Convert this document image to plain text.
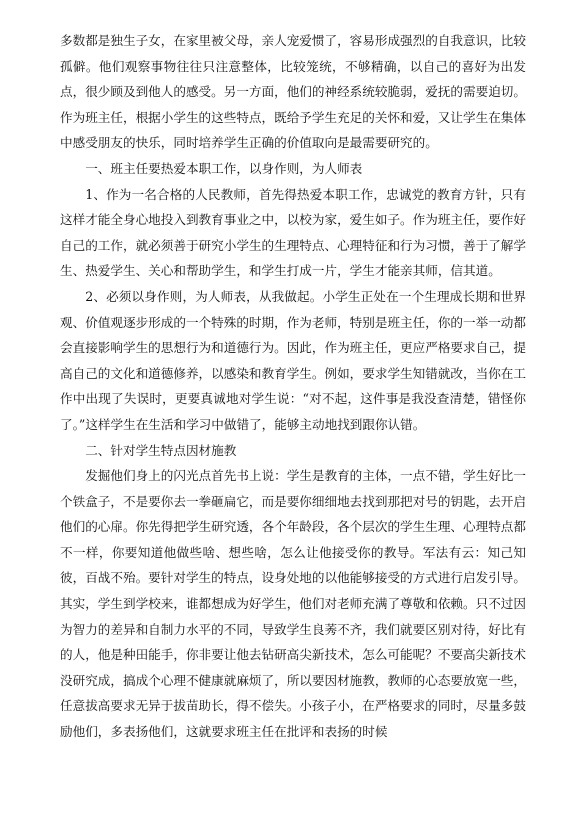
多数都是独生子女，在家里被父母，亲人宠爱惯了，容易形成强烈的自我意识，比较孤僻。他们观察事物往往只注意整体，比较笼统，不够精确，以自己的喜好为出发点，很少顾及到他人的感受。另一方面，他们的神经系统较脆弱，爱抚的需要迫切。作为班主任，根据小学生的这些特点，既给予学生充足的关怀和爱，又让学生在集体中感受朋友的快乐，同时培养学生正确的价值取向是最需要研究的。

一、班主任要热爱本职工作，以身作则，为人师表

1、作为一名合格的人民教师，首先得热爱本职工作，忠诚党的教育方针，只有这样才能全身心地投入到教育事业之中，以校为家，爱生如子。作为班主任，要作好自己的工作，就必须善于研究小学生的生理特点、心理特征和行为习惯，善于了解学生、热爱学生、关心和帮助学生，和学生打成一片，学生才能亲其师，信其道。

2、必须以身作则，为人师表，从我做起。小学生正处在一个生理成长期和世界观、价值观逐步形成的一个特殊的时期，作为老师，特别是班主任，你的一举一动都会直接影响学生的思想行为和道德行为。因此，作为班主任，更应严格要求自己，提高自己的文化和道德修养，以感染和教育学生。例如，要求学生知错就改，当你在工作中出现了失误时，更要真诚地对学生说：“对不起，这件事是我没查清楚，错怪你了。”这样学生在生活和学习中做错了，能够主动地找到跟你认错。

二、针对学生特点因材施教

发掘他们身上的闪光点首先书上说：学生是教育的主体，一点不错，学生好比一个铁盒子，不是要你去一拳砸扁它，而是要你细细地去找到那把对号的钥匙，去开启他们的心扉。你先得把学生研究透，各个年龄段，各个层次的学生生理、心理特点都不一样，你要知道他做些啥、想些啥，怎么让他接受你的教导。军法有云：知己知彼，百战不殆。要针对学生的特点，设身处地的以他能够接受的方式进行启发引导。其实，学生到学校来，谁都想成为好学生，他们对老师充满了尊敬和依赖。只不过因为智力的差异和自制力水平的不同，导致学生良莠不齐，我们就要区别对待，好比有的人，他是种田能手，你非要让他去钻研高尖新技术，怎么可能呢？不要高尖新技术没研究成，搞成个心理不健康就麻烦了，所以要因材施教，教师的心态要放宽一些，任意拔高要求无异于拔苗助长，得不偿失。小孩子小，在严格要求的同时，尽量多鼓励他们，多表扬他们，这就要求班主任在批评和表扬的时候
